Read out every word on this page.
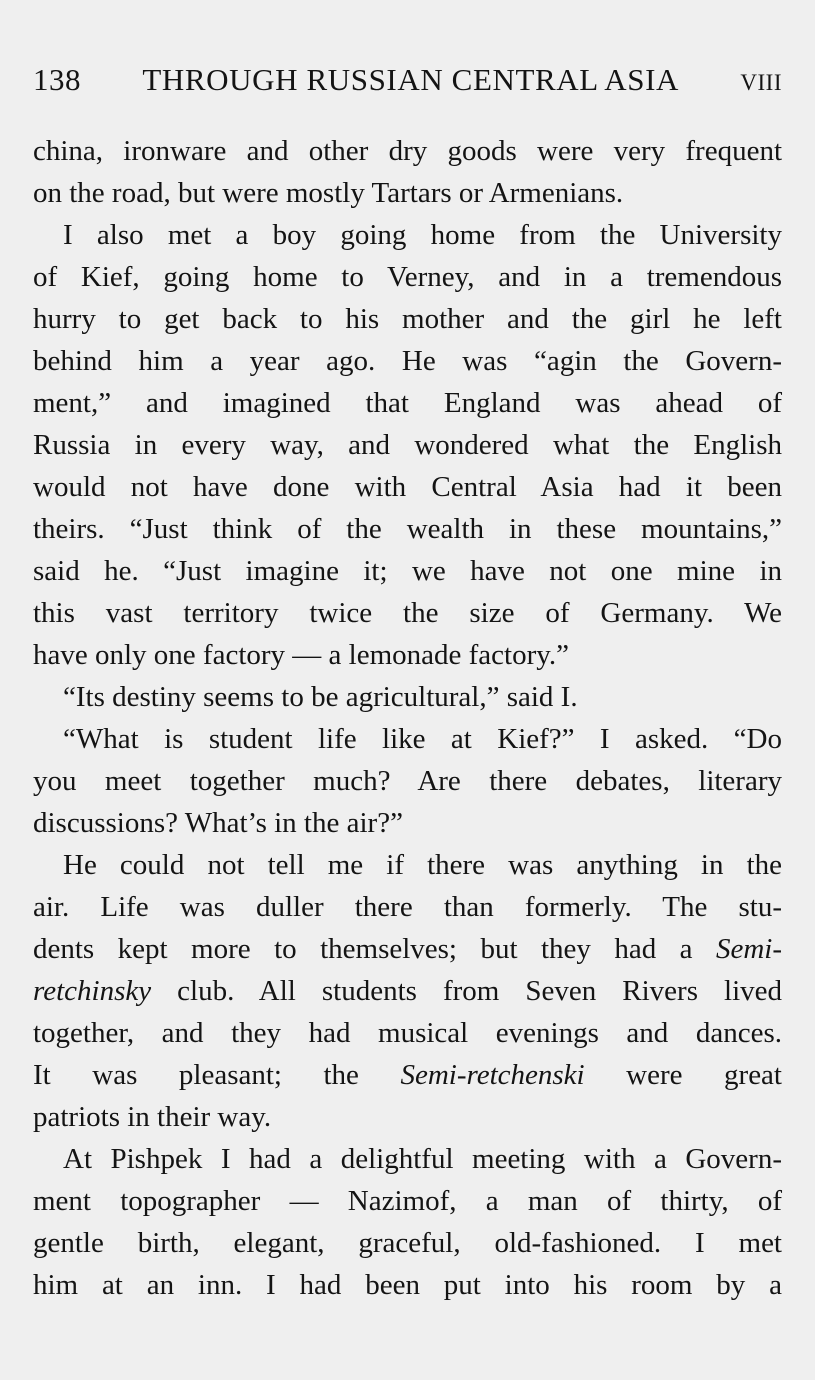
138 THROUGH RUSSIAN CENTRAL ASIA	VIII
china, ironware and other dry goods were very frequent
on the road, but were mostly Tartars or Armenians.
I also met a boy going home from the University
of Kief, going home to Verney, and in a tremendous
hurry to get back to his mother and the girl he left
behind him a year ago. He was “agin the Govern-
ment,” and imagined that England was ahead of
Russia in every way, and wondered what the English
would not have done with Central Asia had it been
theirs. “Just think of the wealth in these mountains,”
said he. “Just imagine it; we have not one mine in
this vast territory twice the size of Germany. We
have only one factory — a lemonade factory.”
“Its destiny seems to be agricultural,” said I.
“What is student life like at Kief?” I asked. “Do
you meet together much? Are there debates, literary
discussions? What’s in the air?”
He could not tell me if there was anything in the
air. Life was duller there than formerly. The stu-
dents kept more to themselves; but they had a Semi-
retchinsky club. All students from Seven Rivers lived
together, and they had musical evenings and dances.
It was pleasant; the Semi-retchenski were great
patriots in their way.
At Pishpek I had a delightful meeting with a Govern-
ment topographer — Nazimof, a man of thirty, of
gentle birth, elegant, graceful, old-fashioned. I met
him at an inn. I had been put into his room by a
